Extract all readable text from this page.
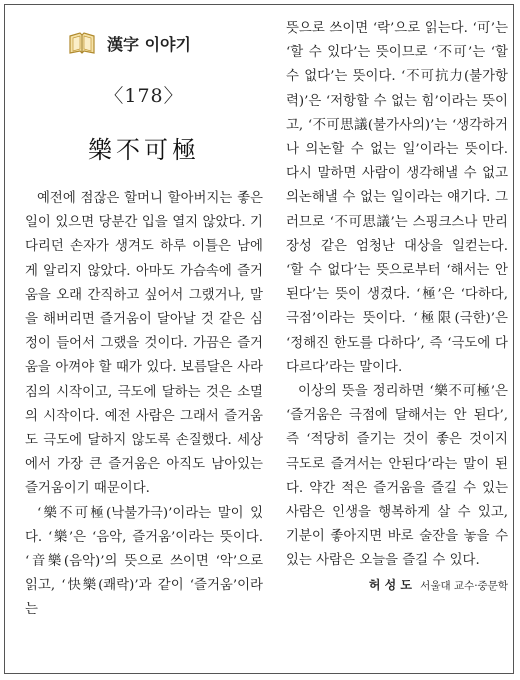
漢字 이야기
〈178〉
樂不可極

예전에 점잖은 할머니 할아버지는 좋은 일이 있으면 당분간 입을 열지 않았다. 기다리던 손자가 생겨도 하루 이틀은 남에게 알리지 않았다. 아마도 가슴속에 즐거움을 오래 간직하고 싶어서 그랬거나, 말을 해버리면 즐거움이 달아날 것 같은 심정이 들어서 그랬을 것이다. 가끔은 즐거움을 아껴야 할 때가 있다. 보름달은 사라짐의 시작이고, 극도에 달하는 것은 소멸의 시작이다. 예전 사람은 그래서 즐거움도 극도에 달하지 않도록 손질했다. 세상에서 가장 큰 즐거움은 아직도 남아있는 즐거움이기 때문이다.

‘樂不可極(낙불가극)’이라는 말이 있다. ‘樂’은 ‘음악, 즐거움’이라는 뜻이다. ‘音樂(음악)’의 뜻으로 쓰이면 ‘악’으로 읽고, ‘快樂(쾌락)’과 같이 ‘즐거움’이라는

뜻으로 쓰이면 ‘락’으로 읽는다. ‘可’는 ‘할 수 있다’는 뜻이므로 ‘不可’는 ‘할 수 없다’는 뜻이다. ‘不可抗力(불가항력)’은 ‘저항할 수 없는 힘’이라는 뜻이고, ‘不可思議(불가사의)’는 ‘생각하거나 의논할 수 없는 일’이라는 뜻이다. 다시 말하면 사람이 생각해낼 수 없고 의논해낼 수 없는 일이라는 얘기다. 그러므로 ‘不可思議’는 스핑크스나 만리장성 같은 엄청난 대상을 일컫는다. ‘할 수 없다’는 뜻으로부터 ‘해서는 안 된다’는 뜻이 생겼다. ‘極’은 ‘다하다, 극점’이라는 뜻이다. ‘極限(극한)’은 ‘정해진 한도를 다하다’, 즉 ‘극도에 다다르다’라는 말이다.

이상의 뜻을 정리하면 ‘樂不可極’은 ‘즐거움은 극점에 달해서는 안 된다’, 즉 ‘적당히 즐기는 것이 좋은 것이지 극도로 즐겨서는 안된다’라는 말이 된다. 약간 적은 즐거움을 즐길 수 있는 사람은 인생을 행복하게 살 수 있고, 기분이 좋아지면 바로 술잔을 놓을 수 있는 사람은 오늘을 즐길 수 있다.

허 성 도 서울대 교수·중문학
